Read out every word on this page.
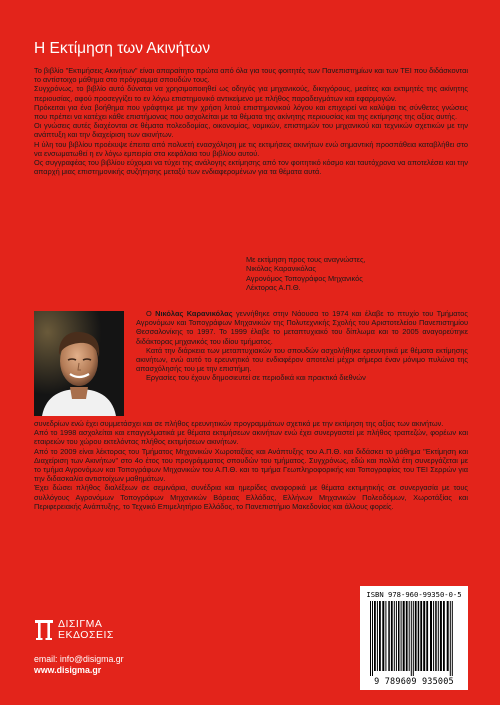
Η Εκτίμηση των Ακινήτων

Το βιβλίο "Εκτιμήσεις Ακινήτων" είναι απαραίτητο πρώτα από όλα για τους φοιτητές των Πανεπιστημίων και των ΤΕΙ που διδάσκονται το αντίστοιχο μάθημα στο πρόγραμμα σπουδών τους.

Συγχρόνως, το βιβλίο αυτό δύναται να χρησιμοποιηθεί ως οδηγός για μηχανικούς, δικηγόρους, μεσίτες και εκτιμητές της ακίνητης περιουσίας, αφού προσεγγίζει το εν λόγω επιστημονικό αντικείμενο με πλήθος παραδειγμάτων και εφαρμογών.

Πρόκειται για ένα βοήθημα που γράφτηκε με την χρήση λιτού επιστημονικού λόγου και επιχειρεί να καλύψει τις σύνθετες γνώσεις που πρέπει να κατέχει κάθε επιστήμονας που ασχολείται με τα θέματα της ακίνητης περιουσίας και της εκτίμησης της αξίας αυτής.

Οι γνώσεις αυτές διαχέονται σε θέματα πολεοδομίας, οικονομίας, νομικών, επιστημών του μηχανικού και τεχνικών σχετικών με την ανάπτυξη και την διαχείριση των ακινήτων.

Η ύλη του βιβλίου προέκυψε έπειτα από πολυετή ενασχόληση με τις εκτιμήσεις ακινήτων ενώ σημαντική προσπάθεια καταβλήθει στο να ενσωματωθεί η εν λόγω εμπειρία στα κεφάλαια του βιβλίου αυτού.

Ος συγγραφέας του βιβλίου εύχομαι να τύχει της ανάλογης εκτίμησης από τον φοιτητικό κόσμο και ταυτόχρονα να αποτελέσει και την απαρχή μιας επιστημονικής συζήτησης μεταξύ των ενδιαφερομένων για τα θέματα αυτά.

Με εκτίμηση προς τους αναγνώστες,
Νικόλας Καρανικόλας
Αγρονόμος Τοπογράφος Μηχανικός
Λέκτορας Α.Π.Θ.

Ο Νικόλας Καρανικόλας γεννήθηκε στην Νάουσα το 1974 και έλαβε το πτυχίο του Τμήματος Αγρονόμων και Τοπογράφων Μηχανικών της Πολυτεχνικής Σχολής του Αριστοτελείου Πανεπιστημίου Θεσσαλονίκης το 1997. Το 1999 έλαβε το μεταπτυχιακό του δίπλωμα και το 2005 αναγορεύτηκε διδάκτορας μηχανικός του ιδίου τμήματος.

Κατά την διάρκεια των μεταπτυχιακών του σπουδών ασχολήθηκε ερευνητικά με θέματα εκτίμησης ακινήτων, ενώ αυτό το ερευνητικό του ενδιαφέρον αποτελεί μέχρι σήμερα έναν μόνιμο πυλώνα της απασχόλησής του με την επιστήμη.

Εργασίες του έχουν δημοσιευτεί σε περιοδικά και πρακτικά διεθνών

συνεδρίων ενώ έχει συμμετάσχει και σε πλήθος ερευνητικών προγραμμάτων σχετικά με την εκτίμηση της αξίας των ακινήτων.

Από το 1998 ασχολείται και επαγγελματικά με θέματα εκτιμήσεων ακινήτων ενώ έχει συνεργαστεί με πλήθος τραπεζών, φορέων και εταιρειών του χώρου εκτελόντας πλήθος εκτιμήσεων ακινήτων.

Από το 2009 είναι λέκτορας του Τμήματος Μηχανικών Χωροταξίας και Ανάπτυξης του Α.Π.Θ. και διδάσκει το μάθημα "Εκτίμηση και Διαχείριση των Ακινήτων" στο 4ο έτος του προγράμματος σπουδών του τμήματος. Συγχρόνως, εδώ και πολλά έτη συνεργάζεται με το τμήμα Αγρονόμων και Τοπογράφων Μηχανικών του Α.Π.Θ. και το τμήμα Γεωπληροφορικής και Τοπογραφίας του ΤΕΙ Σερρών για την διδασκαλία αντιστοίχων μαθημάτων.

Έχει δώσει πλήθος διαλέξεων σε σεμινάρια, συνέδρια και ημερίδες αναφορικά με θέματα εκτιμητικής σε συνεργασία με τους συλλόγους Αγρονόμων Τοπογράφων Μηχανικών Βόρειας Ελλάδας, Ελλήνων Μηχανικών Πολεοδόμων, Χωροτάξίας και Περιφερειακής Ανάπτυξης, το Τεχνικό Επιμελητήριο Ελλάδος, το Πανεπιστήμιο Μακεδονίας και άλλους φορείς.

ΔΙΣΙΓΜΑ
ΕΚΔΟΣΕΙΣ
email: info@disigma.gr
www.disigma.gr
ISBN 978-960-99350-0-5
9 789609 935005
